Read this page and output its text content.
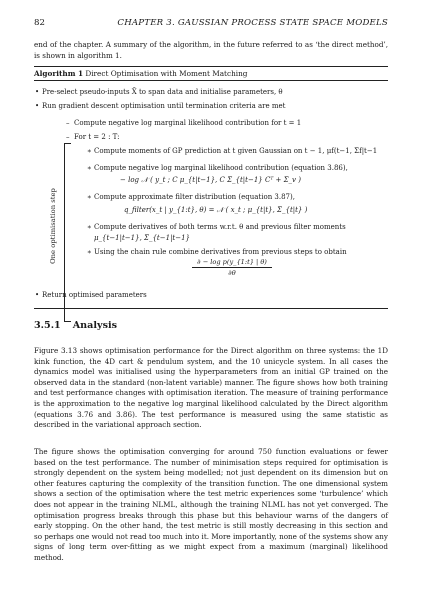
82	CHAPTER 3. GAUSSIAN PROCESS STATE SPACE MODELS
end of the chapter. A summary of the algorithm, in the future referred to as ‘the direct method’, is shown in algorithm 1.
Algorithm 1 Direct Optimisation with Moment Matching
• Pre-select pseudo-inputs X̄ to span data and initialise parameters, θ
• Run gradient descent optimisation until termination criteria are met
One optimisation step
– Compute negative log marginal likelihood contribution for t = 1
– For t = 2 : T:
∗ Compute moments of GP prediction at t given Gaussian on t − 1, μf(t−1, Σf|t−1
∗ Compute negative log marginal likelihood contribution (equation 3.86),
− log 𝒩 ( y_t ; C μ_{t|t−1}, C Σ_{t|t−1} Cᵀ + Σ_v )
∗ Compute approximate filter distribution (equation 3.87),
q_filter(x_t | y_{1:t}, θ) = 𝒩 ( x_t ; μ_{t|t}, Σ_{t|t} )
∗ Compute derivatives of both terms w.r.t. θ and previous filter moments
μ_{t−1|t−1}, Σ_{t−1|t−1}
∗ Using the chain rule combine derivatives from previous steps to obtain
$\frac{\text{∂ − log p(y\_\{1:t\} | θ)}}{\partial\theta}$
• Return optimised parameters
3.5.1 Analysis
Figure 3.13 shows optimisation performance for the Direct algorithm on three systems: the 1D kink function, the 4D cart & pendulum system, and the 10 unicycle system. In all cases the dynamics model was initialised using the hyperparameters from an initial GP trained on the observed data in the standard (non-latent variable) manner. The figure shows how both training and test performance changes with optimisation iteration. The measure of training performance is the approximation to the negative log marginal likelihood calculated by the Direct algorithm (equations 3.76 and 3.86). The test performance is measured using the same statistic as described in the variational approach section.
The figure shows the optimisation converging for around 750 function evaluations or fewer based on the test performance. The number of minimisation steps required for optimisation is strongly dependent on the system being modelled; not just dependent on its dimension but on other features capturing the complexity of the transition function. The one dimensional system shows a section of the optimisation where the test metric experiences some ‘turbulence’ which does not appear in the training NLML, although the training NLML has not yet converged. The optimisation progress breaks through this phase but this behaviour warns of the dangers of early stopping. On the other hand, the test metric is still mostly decreasing in this section and so perhaps one would not read too much into it. More importantly, none of the systems show any signs of long term over-fitting as we might expect from a maximum (marginal) likelihood method.
